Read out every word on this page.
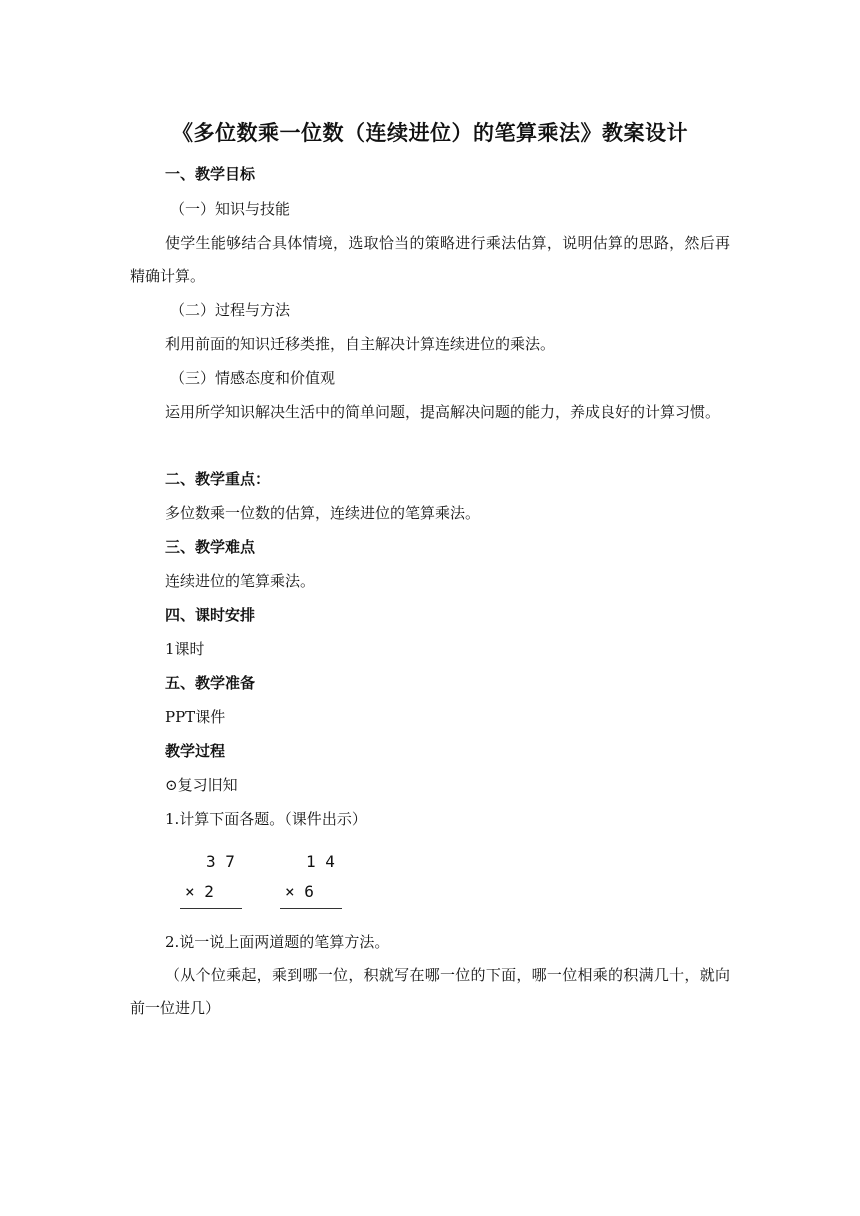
《多位数乘一位数（连续进位）的笔算乘法》教案设计
一、教学目标
（一）知识与技能
使学生能够结合具体情境，选取恰当的策略进行乘法估算，说明估算的思路，然后再精确计算。
（二）过程与方法
利用前面的知识迁移类推，自主解决计算连续进位的乘法。
（三）情感态度和价值观
运用所学知识解决生活中的简单问题，提高解决问题的能力，养成良好的计算习惯。
二、教学重点：
多位数乘一位数的估算，连续进位的笔算乘法。
三、教学难点
连续进位的笔算乘法。
四、课时安排
1课时
五、教学准备
PPT课件
教学过程
⊙复习旧知
1.计算下面各题。（课件出示）
3 7
× 2
1 4
× 6
2.说一说上面两道题的笔算方法。
（从个位乘起，乘到哪一位，积就写在哪一位的下面，哪一位相乘的积满几十，就向前一位进几）
